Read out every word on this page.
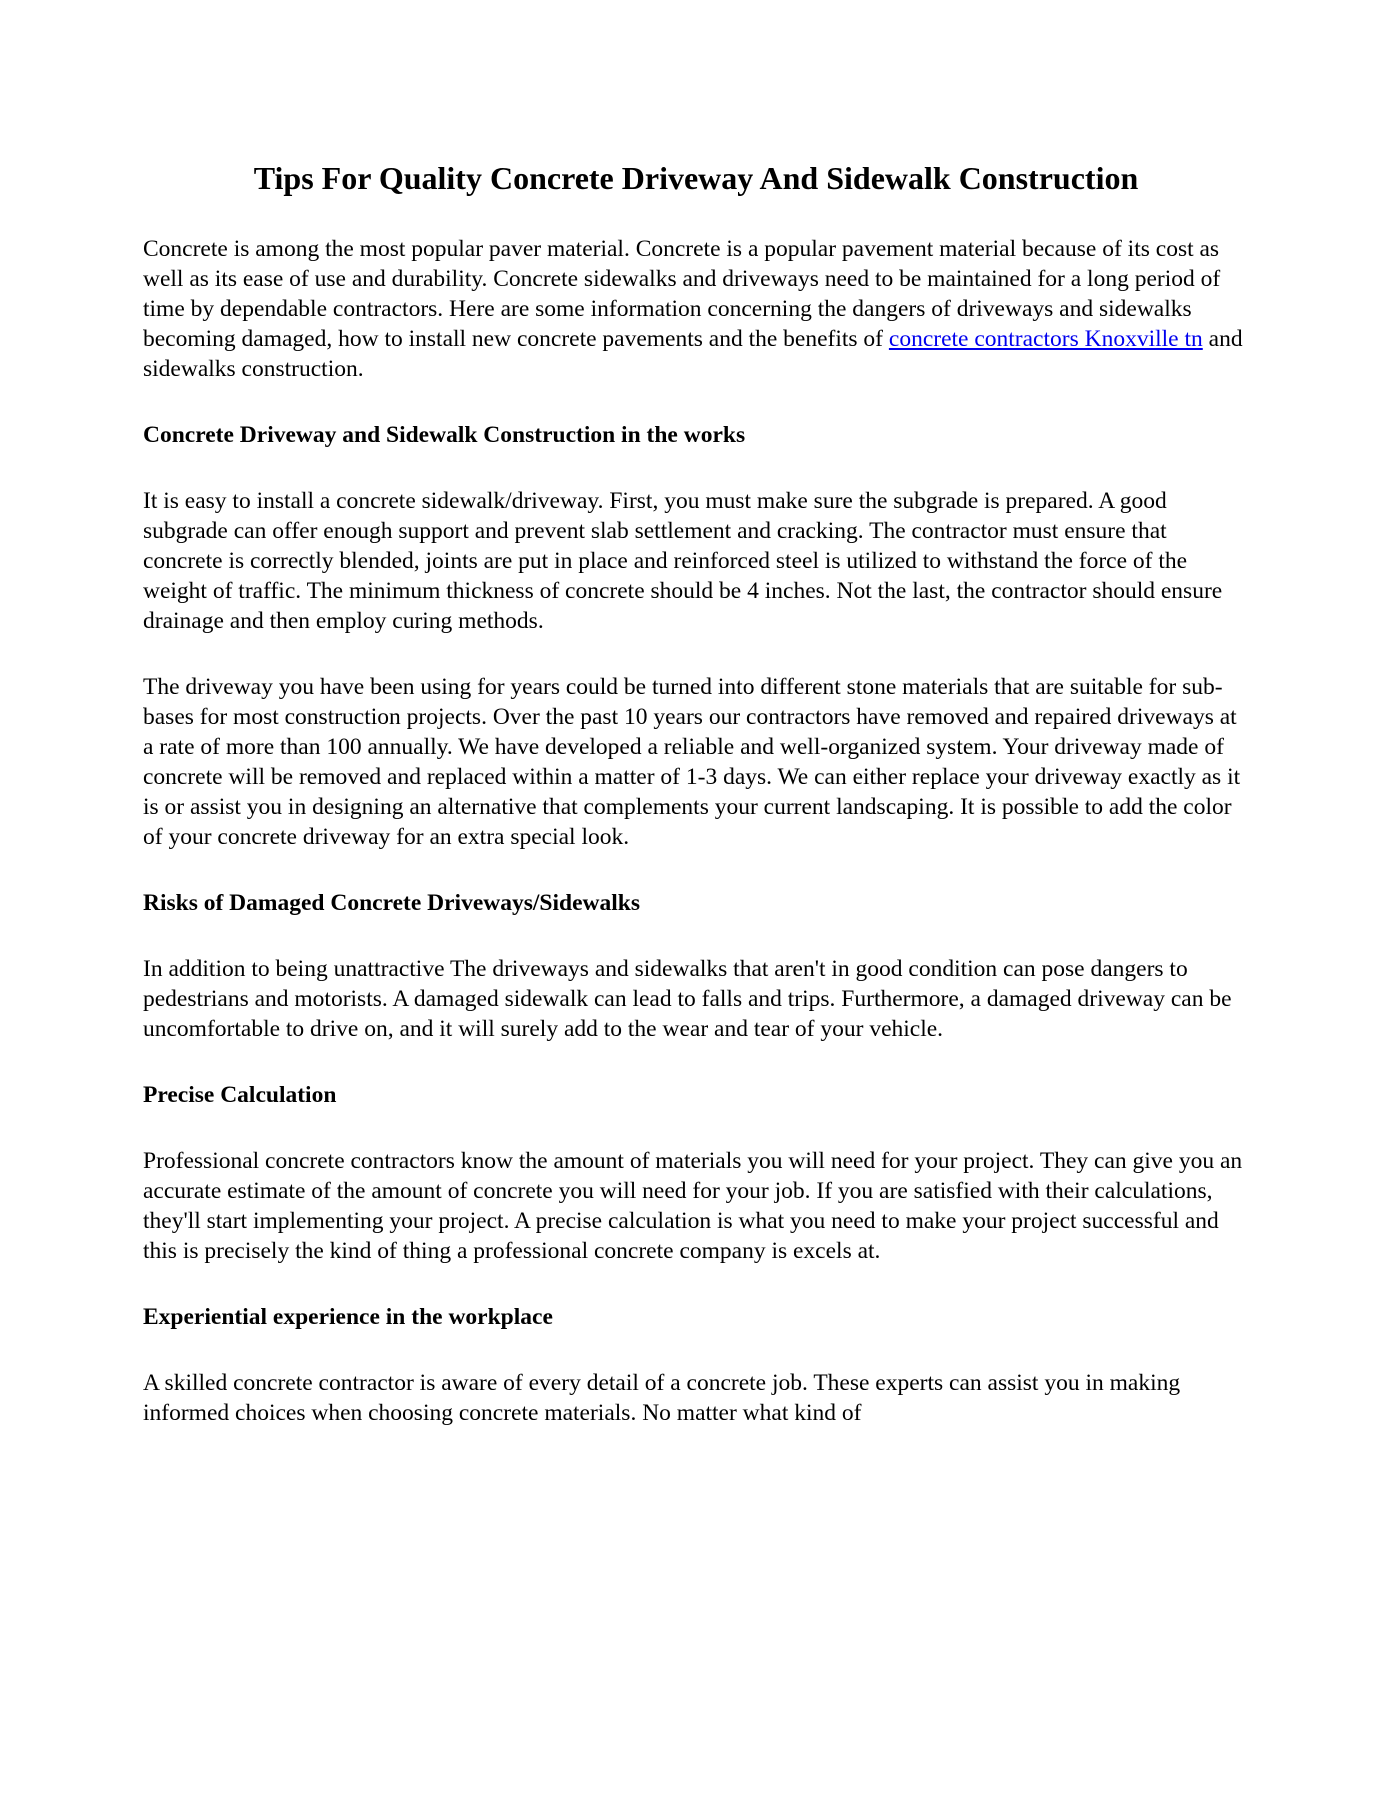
Tips For Quality Concrete Driveway And Sidewalk Construction

Concrete is among the most popular paver material. Concrete is a popular pavement material because of its cost as well as its ease of use and durability. Concrete sidewalks and driveways need to be maintained for a long period of time by dependable contractors. Here are some information concerning the dangers of driveways and sidewalks becoming damaged, how to install new concrete pavements and the benefits of concrete contractors Knoxville tn and sidewalks construction.

Concrete Driveway and Sidewalk Construction in the works

It is easy to install a concrete sidewalk/driveway. First, you must make sure the subgrade is prepared. A good subgrade can offer enough support and prevent slab settlement and cracking. The contractor must ensure that concrete is correctly blended, joints are put in place and reinforced steel is utilized to withstand the force of the weight of traffic. The minimum thickness of concrete should be 4 inches. Not the last, the contractor should ensure drainage and then employ curing methods.

The driveway you have been using for years could be turned into different stone materials that are suitable for sub-bases for most construction projects. Over the past 10 years our contractors have removed and repaired driveways at a rate of more than 100 annually. We have developed a reliable and well-organized system. Your driveway made of concrete will be removed and replaced within a matter of 1-3 days. We can either replace your driveway exactly as it is or assist you in designing an alternative that complements your current landscaping. It is possible to add the color of your concrete driveway for an extra special look.

Risks of Damaged Concrete Driveways/Sidewalks

In addition to being unattractive The driveways and sidewalks that aren't in good condition can pose dangers to pedestrians and motorists. A damaged sidewalk can lead to falls and trips. Furthermore, a damaged driveway can be uncomfortable to drive on, and it will surely add to the wear and tear of your vehicle.

Precise Calculation

Professional concrete contractors know the amount of materials you will need for your project. They can give you an accurate estimate of the amount of concrete you will need for your job. If you are satisfied with their calculations, they'll start implementing your project. A precise calculation is what you need to make your project successful and this is precisely the kind of thing a professional concrete company is excels at.

Experiential experience in the workplace

A skilled concrete contractor is aware of every detail of a concrete job. These experts can assist you in making informed choices when choosing concrete materials. No matter what kind of
